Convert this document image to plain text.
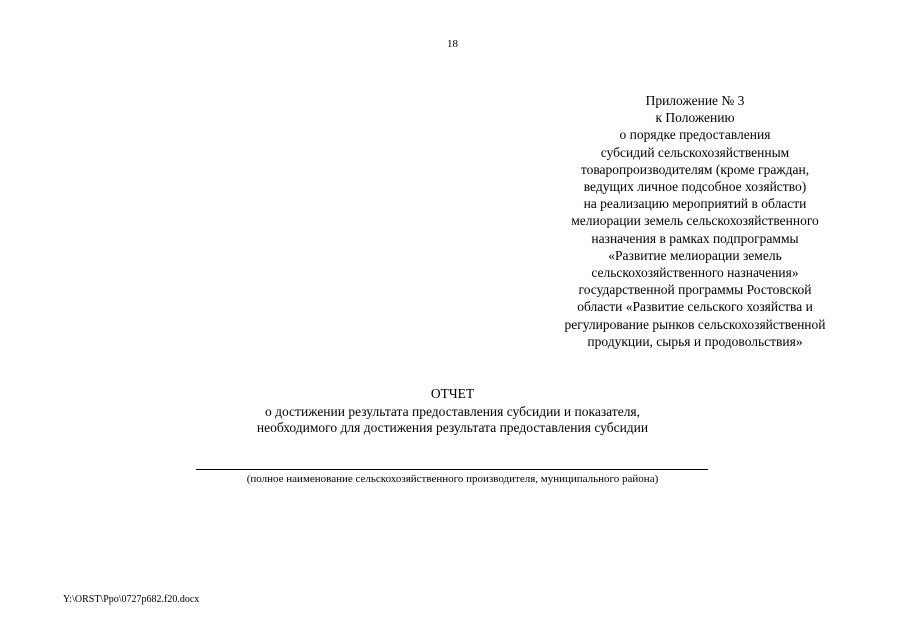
18
Приложение № 3
к Положению
о порядке предоставления
субсидий сельскохозяйственным
товаропроизводителям (кроме граждан,
ведущих личное подсобное хозяйство)
на реализацию мероприятий в области
мелиорации земель сельскохозяйственного
назначения в рамках подпрограммы
«Развитие мелиорации земель
сельскохозяйственного назначения»
государственной программы Ростовской
области «Развитие сельского хозяйства и
регулирование рынков сельскохозяйственной
продукции, сырья и продовольствия»
ОТЧЕТ
о достижении результата предоставления субсидии и показателя,
необходимого для достижения результата предоставления субсидии
(полное наименование сельскохозяйственного производителя, муниципального района)
Y:\ORST\Ppo\0727p682.f20.docx
